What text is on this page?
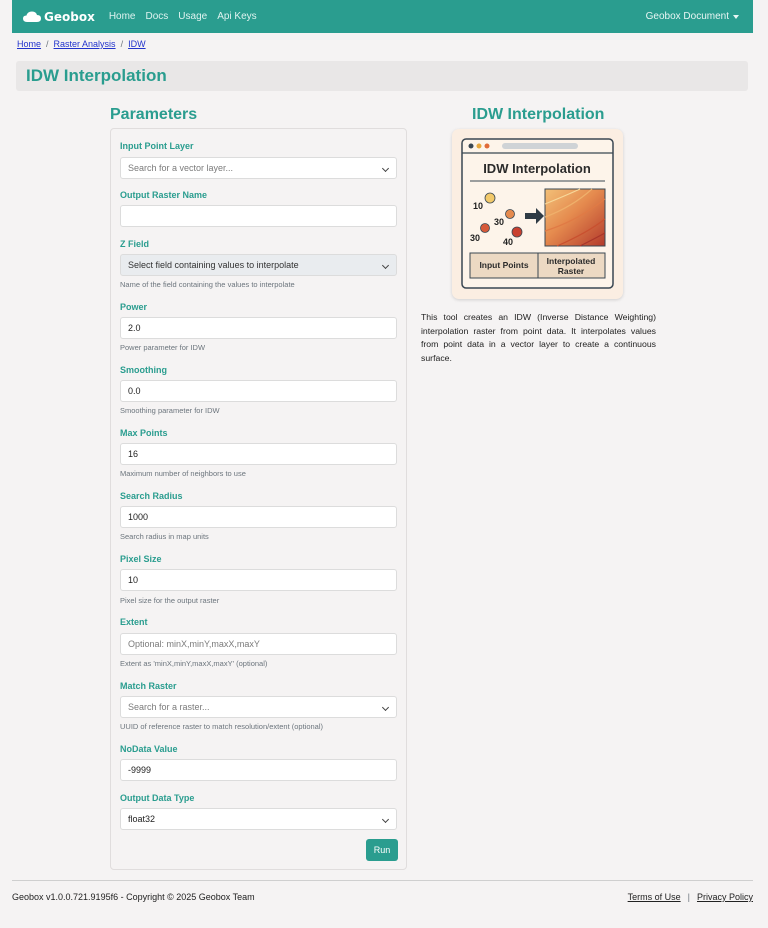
Geobox Home Docs Usage Api Keys	Geobox Document
Home / Raster Analysis / IDW
IDW Interpolation
Parameters
Input Point Layer
Search for a vector layer...
Output Raster Name
Z Field
Select field containing values to interpolate
Name of the field containing the values to interpolate
Power
2.0
Power parameter for IDW
Smoothing
0.0
Smoothing parameter for IDW
Max Points
16
Maximum number of neighbors to use
Search Radius
1000
Search radius in map units
Pixel Size
10
Pixel size for the output raster
Extent
Optional: minX,minY,maxX,maxY
Extent as 'minX,minY,maxX,maxY' (optional)
Match Raster
Search for a raster...
UUID of reference raster to match resolution/extent (optional)
NoData Value
-9999
Output Data Type
float32
Run
IDW Interpolation
IDW Interpolation
10
30
30	40
Input Points Interpolated
Raster
This tool creates an IDW (Inverse Distance Weighting) interpolation raster from point data. It interpolates values from point data in a vector layer to create a continuous surface.
Geobox v1.0.0.721.9195f6 - Copyright © 2025 Geobox Team	Terms of Use | Privacy Policy
